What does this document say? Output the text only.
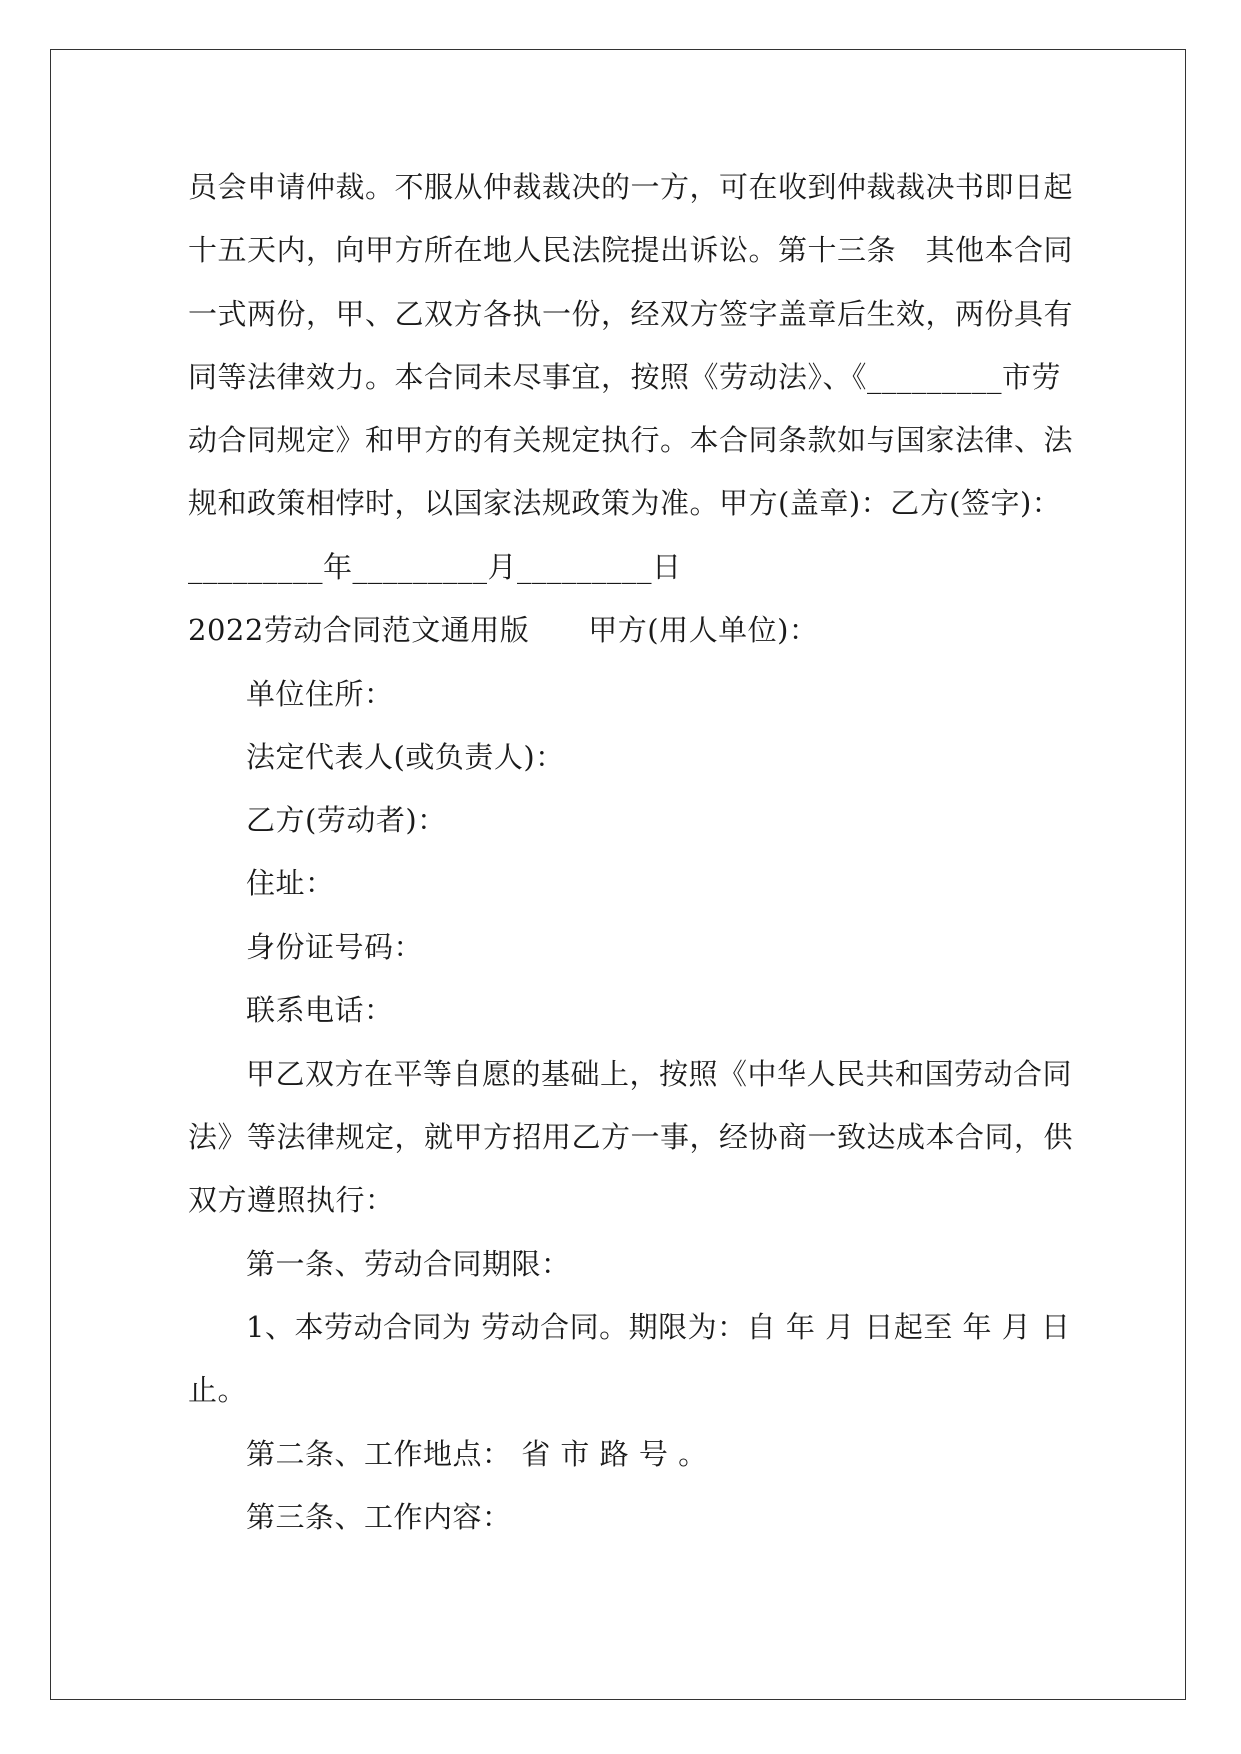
员会申请仲裁。不服从仲裁裁决的一方，可在收到仲裁裁决书即日起
十五天内，向甲方所在地人民法院提出诉讼。第十三条　其他本合同
一式两份，甲、乙双方各执一份，经双方签字盖章后生效，两份具有
同等法律效力。本合同未尽事宜，按照《劳动法》、《_________市劳
动合同规定》和甲方的有关规定执行。本合同条款如与国家法律、法
规和政策相悖时，以国家法规政策为准。甲方(盖章)：乙方(签字)：
_________年_________月_________日
2022劳动合同范文通用版　　甲方(用人单位)：
单位住所：
法定代表人(或负责人)：
乙方(劳动者)：
住址：
身份证号码：
联系电话：
甲乙双方在平等自愿的基础上，按照《中华人民共和国劳动合同
法》等法律规定，就甲方招用乙方一事，经协商一致达成本合同，供
双方遵照执行：
第一条、劳动合同期限：
1、本劳动合同为 劳动合同。期限为：自 年 月 日起至 年 月 日
止。
第二条、工作地点： 省 市 路 号 。
第三条、工作内容：
